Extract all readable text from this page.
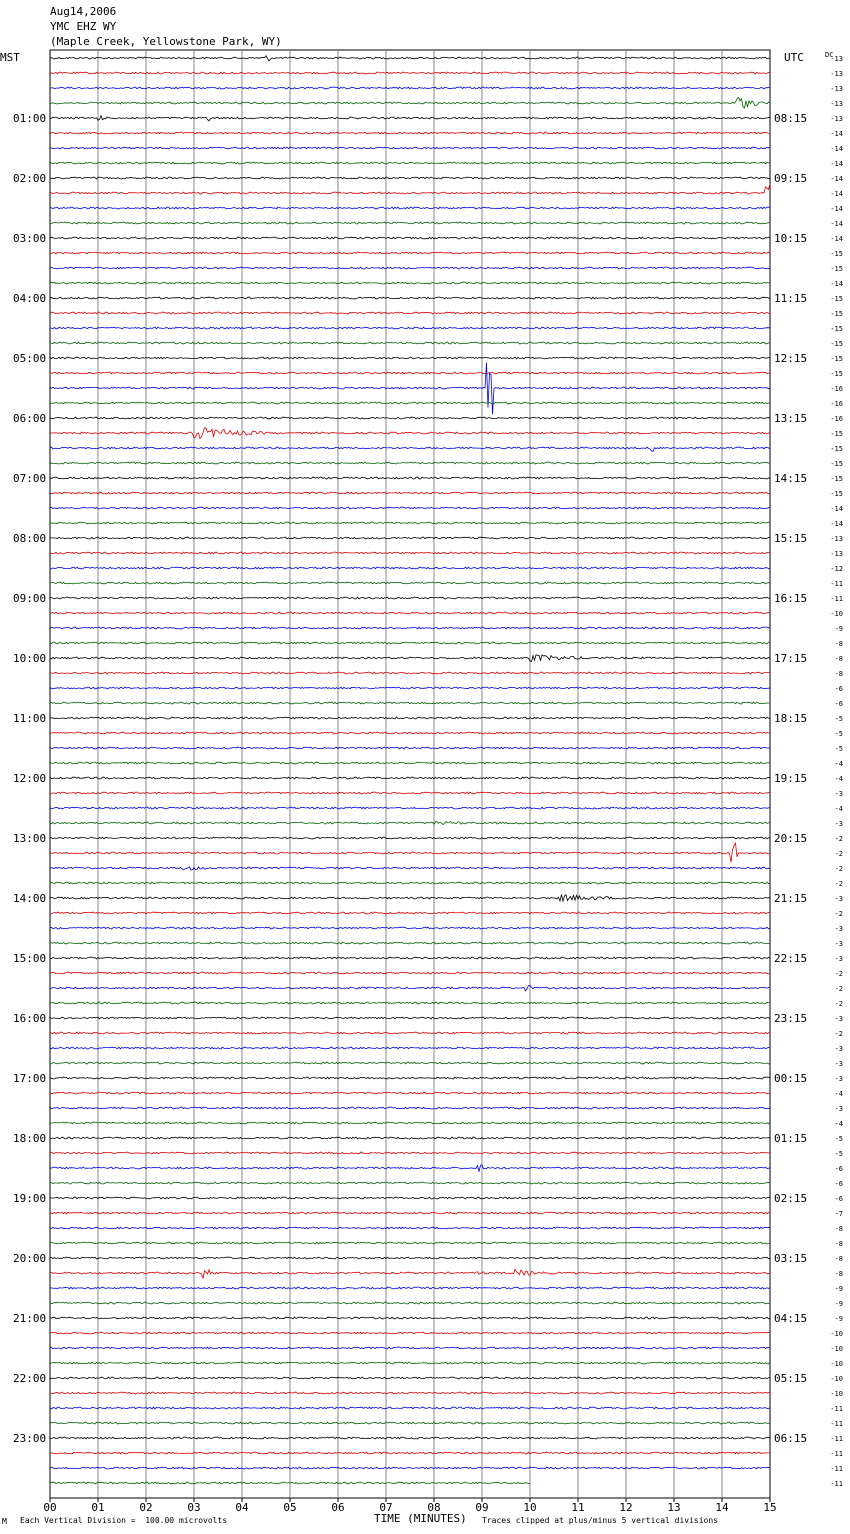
Aug14,2006
YMC EHZ WY
(Maple Creek, Yellowstone Park, WY)
-13
-13
-13
-13
-13
-14
-14
-14
-14
-14
-14
-14
-14
-15
-15
-14
-15
-15
-15
-15
-15
-15
-16
-16
-16
-15
-15
-15
-15
-15
-14
-14
-13
-13
-12
-11
-11
-10
-9
-8
-8
-8
-6
-6
-5
-5
-5
-4
-4
-3
-4
-3
-2
-2
-2
-2
-3
-2
-3
-3
-3
-2
-2
-2
-3
-2
-3
-3
-3
-4
-3
-4
-5
-5
-6
-6
-6
-7
-8
-8
-8
-8
-9
-9
-9
-10
-10
-10
-10
-10
-11
-11
-11
-11
-11
-11
DC
MST	UTC
01:00
02:00
03:00
04:00
05:00
06:00
07:00
08:00
09:00
10:00
11:00
12:00
13:00
14:00
15:00
16:00
17:00
18:00
19:00
20:00
21:00
22:00
23:00
08:15
09:15
10:15
11:15
12:15
13:15
14:15
15:15
16:15
17:15
18:15
19:15
20:15
21:15
22:15
23:15
00:15
01:15
02:15
03:15
04:15
05:15
06:15
00	01	02	03	04	05	06	07	08	09	10	11	12	13	14	15
M Each Vertical Division =  100.00 microvolts	TIME (MINUTES) Traces clipped at plus/minus 5 vertical divisions
